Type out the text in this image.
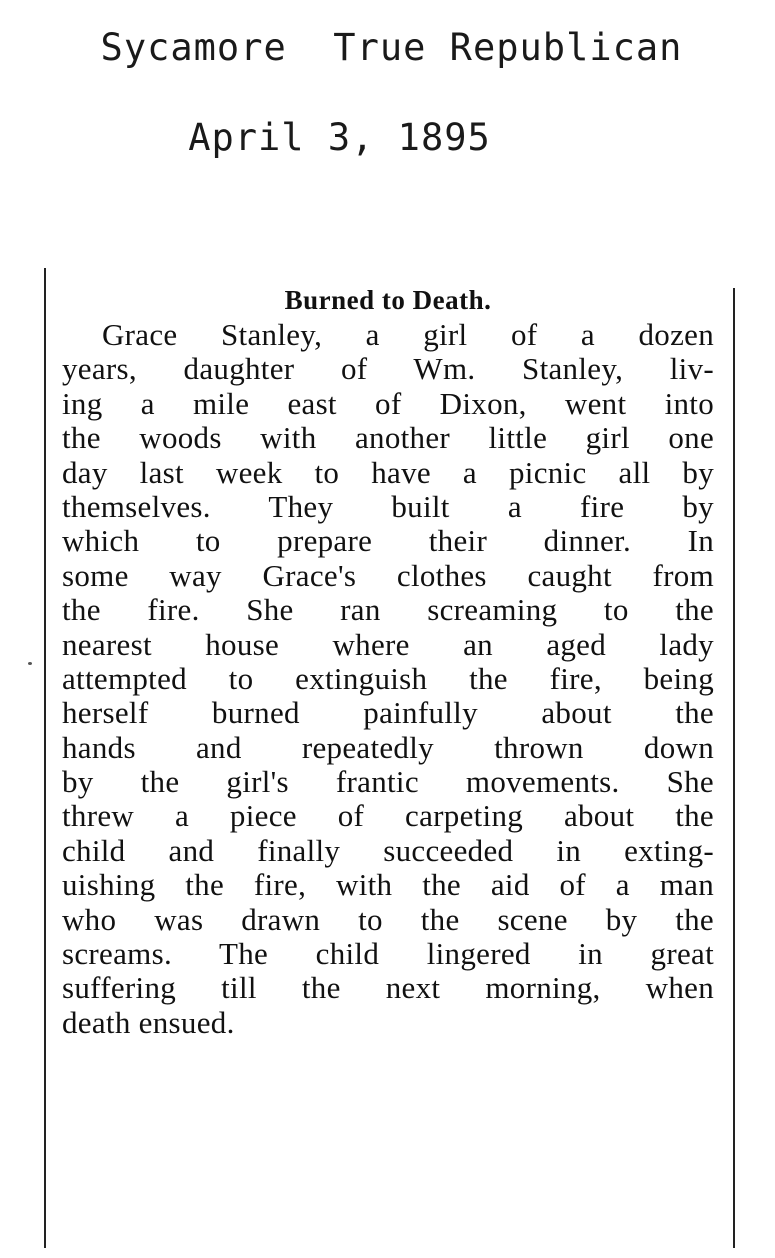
Sycamore  True Republican
April 3, 1895
Burned to Death.
Grace Stanley, a girl of a dozen
years, daughter of Wm. Stanley, liv-
ing a mile east of Dixon, went into
the woods with another little girl one
day last week to have a picnic all by
themselves. They built a fire by
which to prepare their dinner. In
some way Grace's clothes caught from
the fire. She ran screaming to the
nearest house where an aged lady
attempted to extinguish the fire, being
herself burned painfully about the
hands and repeatedly thrown down
by the girl's frantic movements. She
threw a piece of carpeting about the
child and finally succeeded in exting-
uishing the fire, with the aid of a man
who was drawn to the scene by the
screams. The child lingered in great
suffering till the next morning, when
death ensued.
